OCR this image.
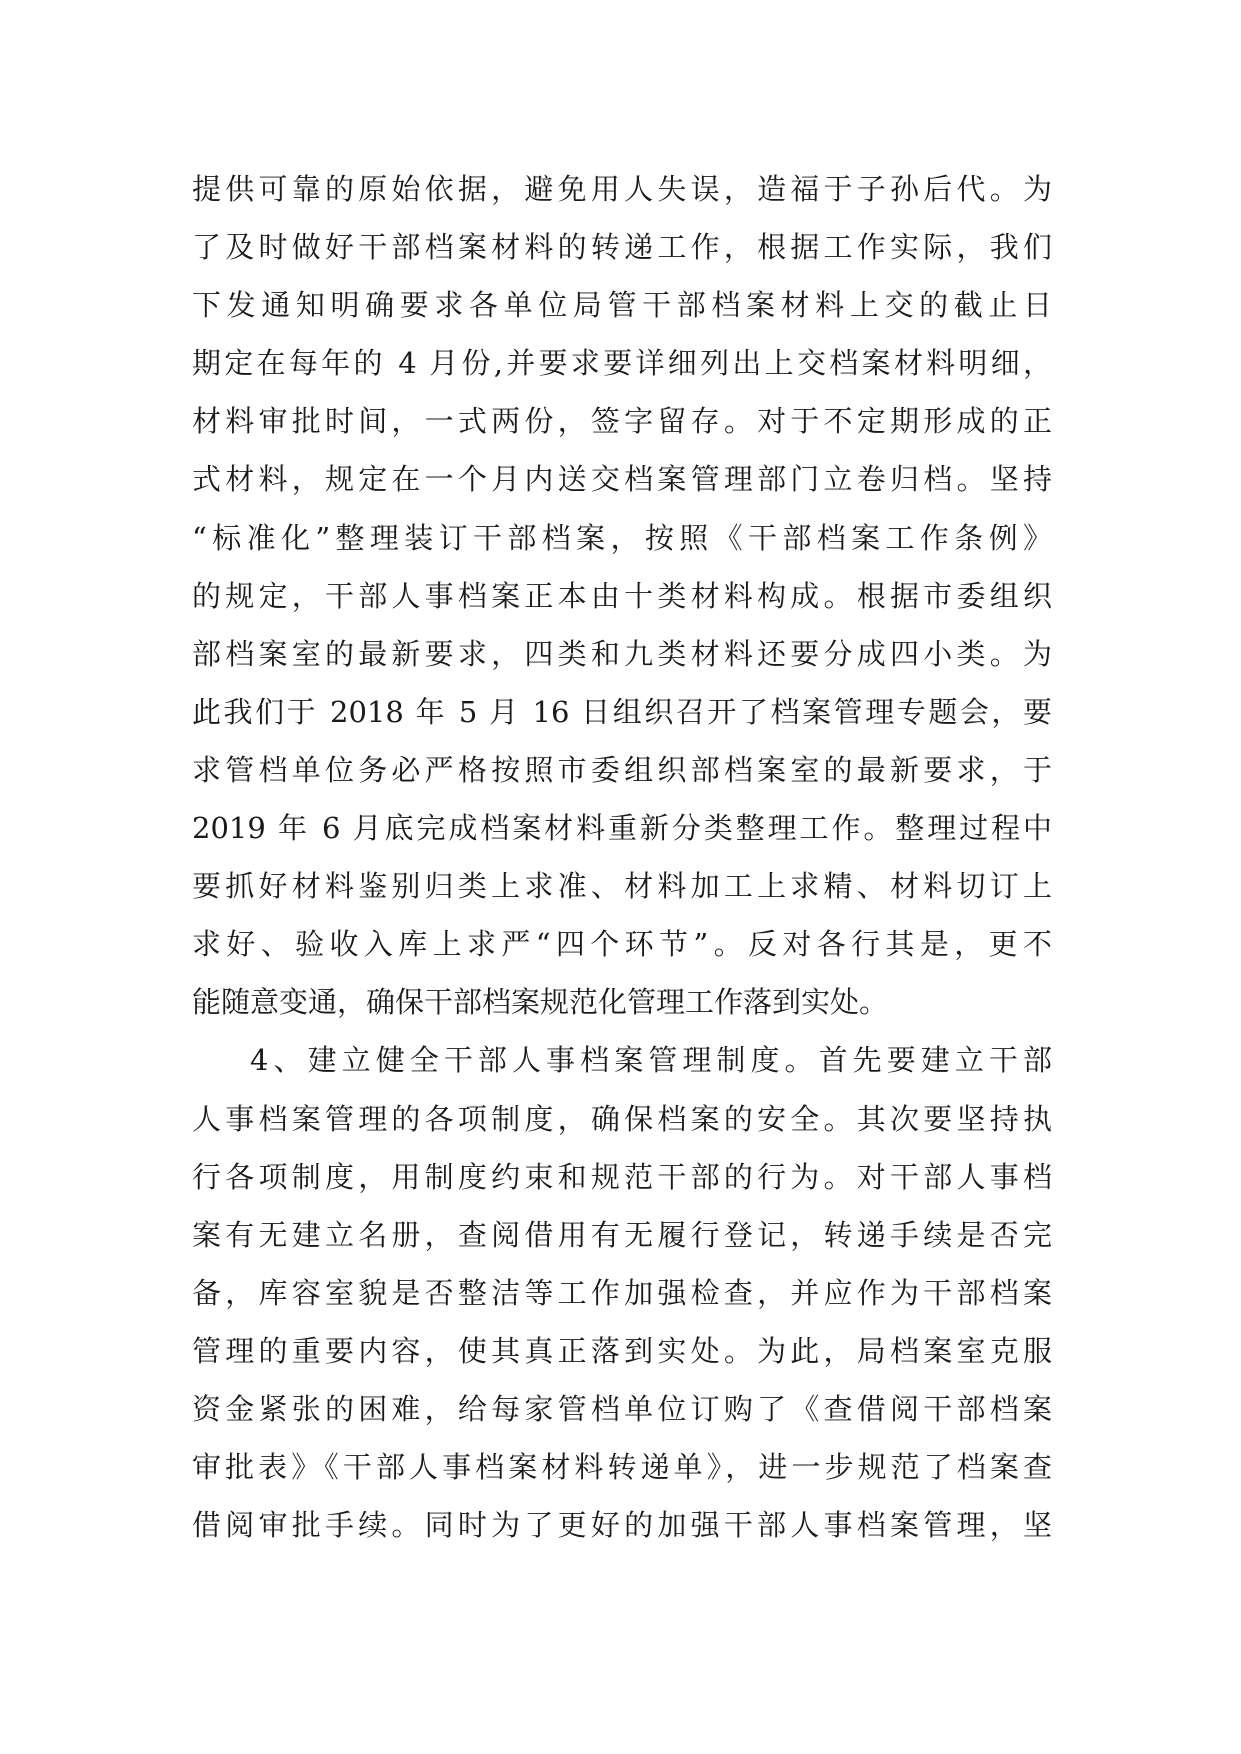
提供可靠的原始依据，避免用人失误，造福于子孙后代。为
了及时做好干部档案材料的转递工作，根据工作实际，我们
下发通知明确要求各单位局管干部档案材料上交的截止日
期定在每年的 4 月份,并要求要详细列出上交档案材料明细，
材料审批时间，一式两份，签字留存。对于不定期形成的正
式材料，规定在一个月内送交档案管理部门立卷归档。坚持
“标准化”整理装订干部档案，按照《干部档案工作条例》
的规定，干部人事档案正本由十类材料构成。根据市委组织
部档案室的最新要求，四类和九类材料还要分成四小类。为
此我们于 2018 年 5 月 16 日组织召开了档案管理专题会，要
求管档单位务必严格按照市委组织部档案室的最新要求，于
2019 年 6 月底完成档案材料重新分类整理工作。整理过程中
要抓好材料鉴别归类上求准、材料加工上求精、材料切订上
求好、验收入库上求严“四个环节”。反对各行其是，更不
能随意变通，确保干部档案规范化管理工作落到实处。
4、建立健全干部人事档案管理制度。首先要建立干部
人事档案管理的各项制度，确保档案的安全。其次要坚持执
行各项制度，用制度约束和规范干部的行为。对干部人事档
案有无建立名册，查阅借用有无履行登记，转递手续是否完
备，库容室貌是否整洁等工作加强检查，并应作为干部档案
管理的重要内容，使其真正落到实处。为此，局档案室克服
资金紧张的困难，给每家管档单位订购了《查借阅干部档案
审批表》《干部人事档案材料转递单》，进一步规范了档案查
借阅审批手续。同时为了更好的加强干部人事档案管理，坚
